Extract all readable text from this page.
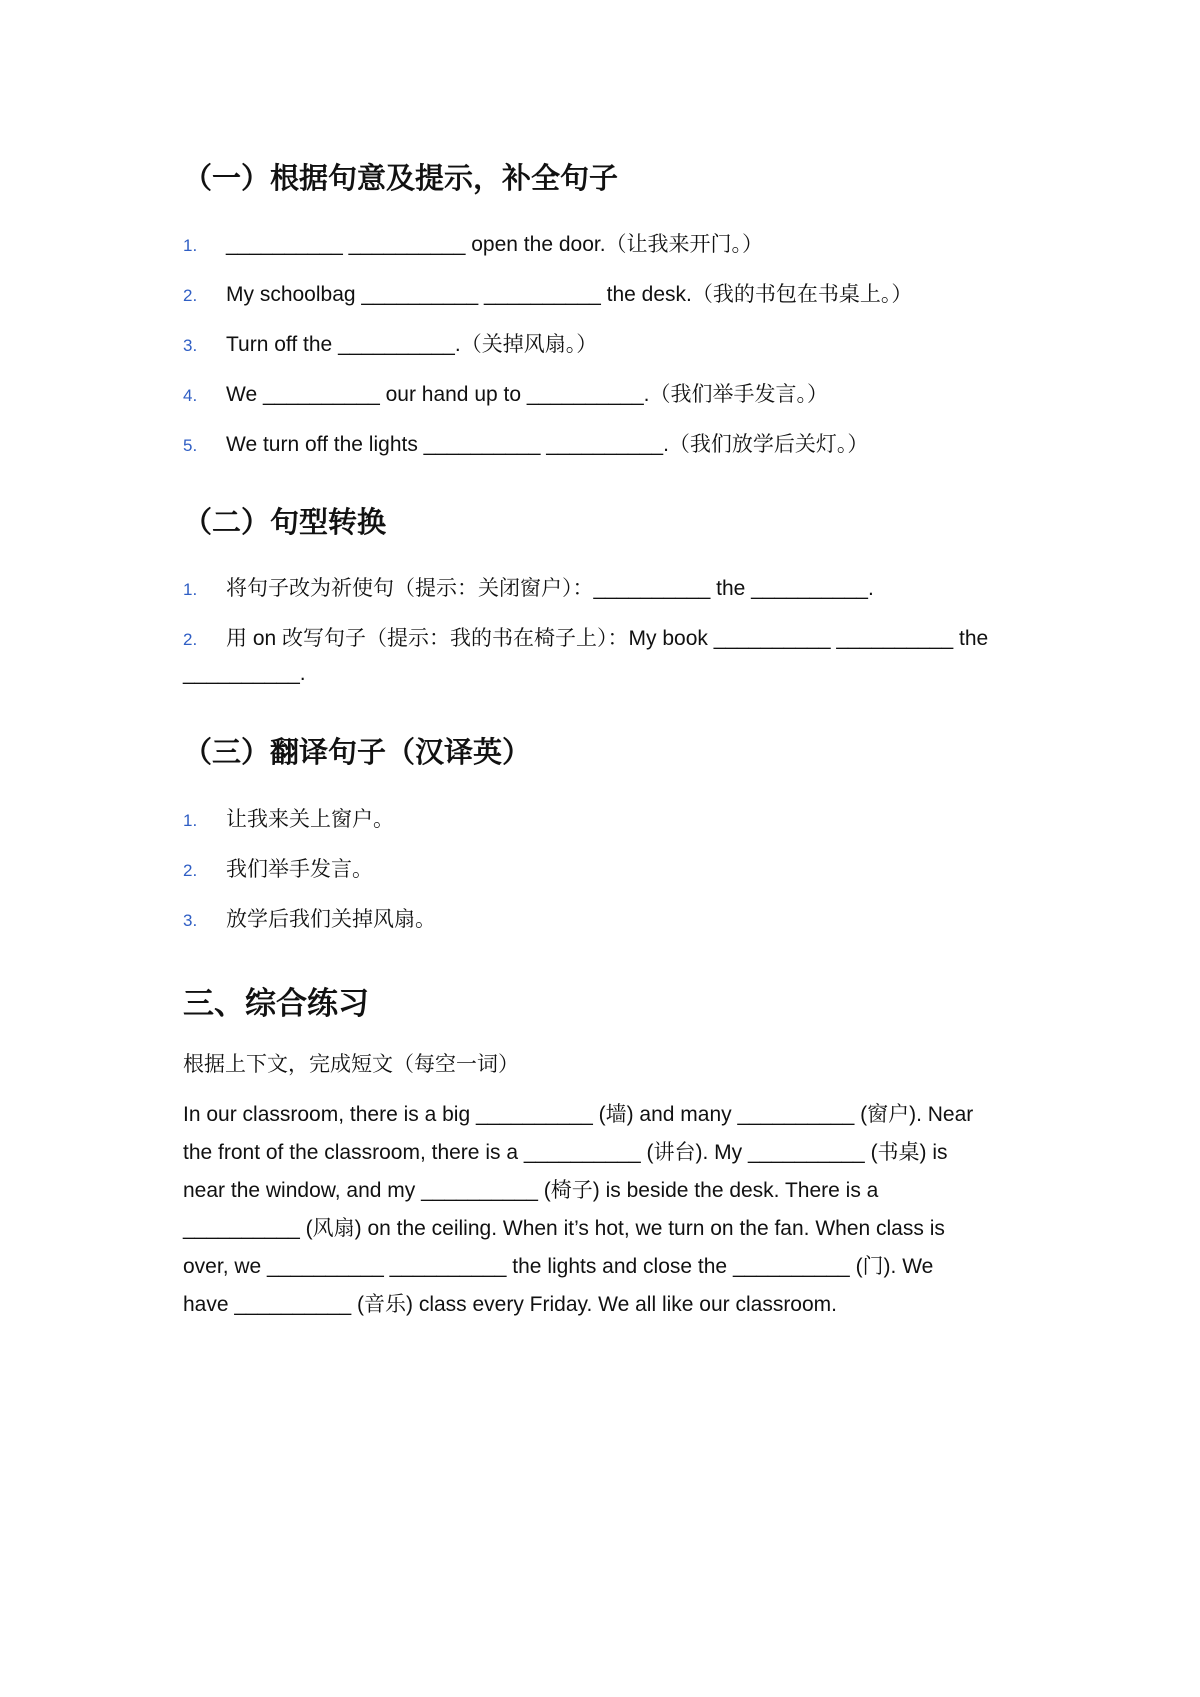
（一）根据句意及提示，补全句子

1. __________ __________ open the door.（让我来开门。）

2. My schoolbag __________ __________ the desk.（我的书包在书桌上。）

3. Turn off the __________.（关掉风扇。）

4. We __________ our hand up to __________.（我们举手发言。）

5. We turn off the lights __________ __________.（我们放学后关灯。）

（二）句型转换

1. 将句子改为祈使句（提示：关闭窗户）：__________ the __________.

2. 用 on 改写句子（提示：我的书在椅子上）：My book __________ __________ the

__________.

（三）翻译句子（汉译英）

1. 让我来关上窗户。

2. 我们举手发言。

3. 放学后我们关掉风扇。

三、综合练习

根据上下文，完成短文（每空一词）

In our classroom, there is a big __________ (墙) and many __________ (窗户). Near

the front of the classroom, there is a __________ (讲台). My __________ (书桌) is

near the window, and my __________ (椅子) is beside the desk. There is a

__________ (风扇) on the ceiling. When it’s hot, we turn on the fan. When class is

over, we __________ __________ the lights and close the __________ (门). We

have __________ (音乐) class every Friday. We all like our classroom.
